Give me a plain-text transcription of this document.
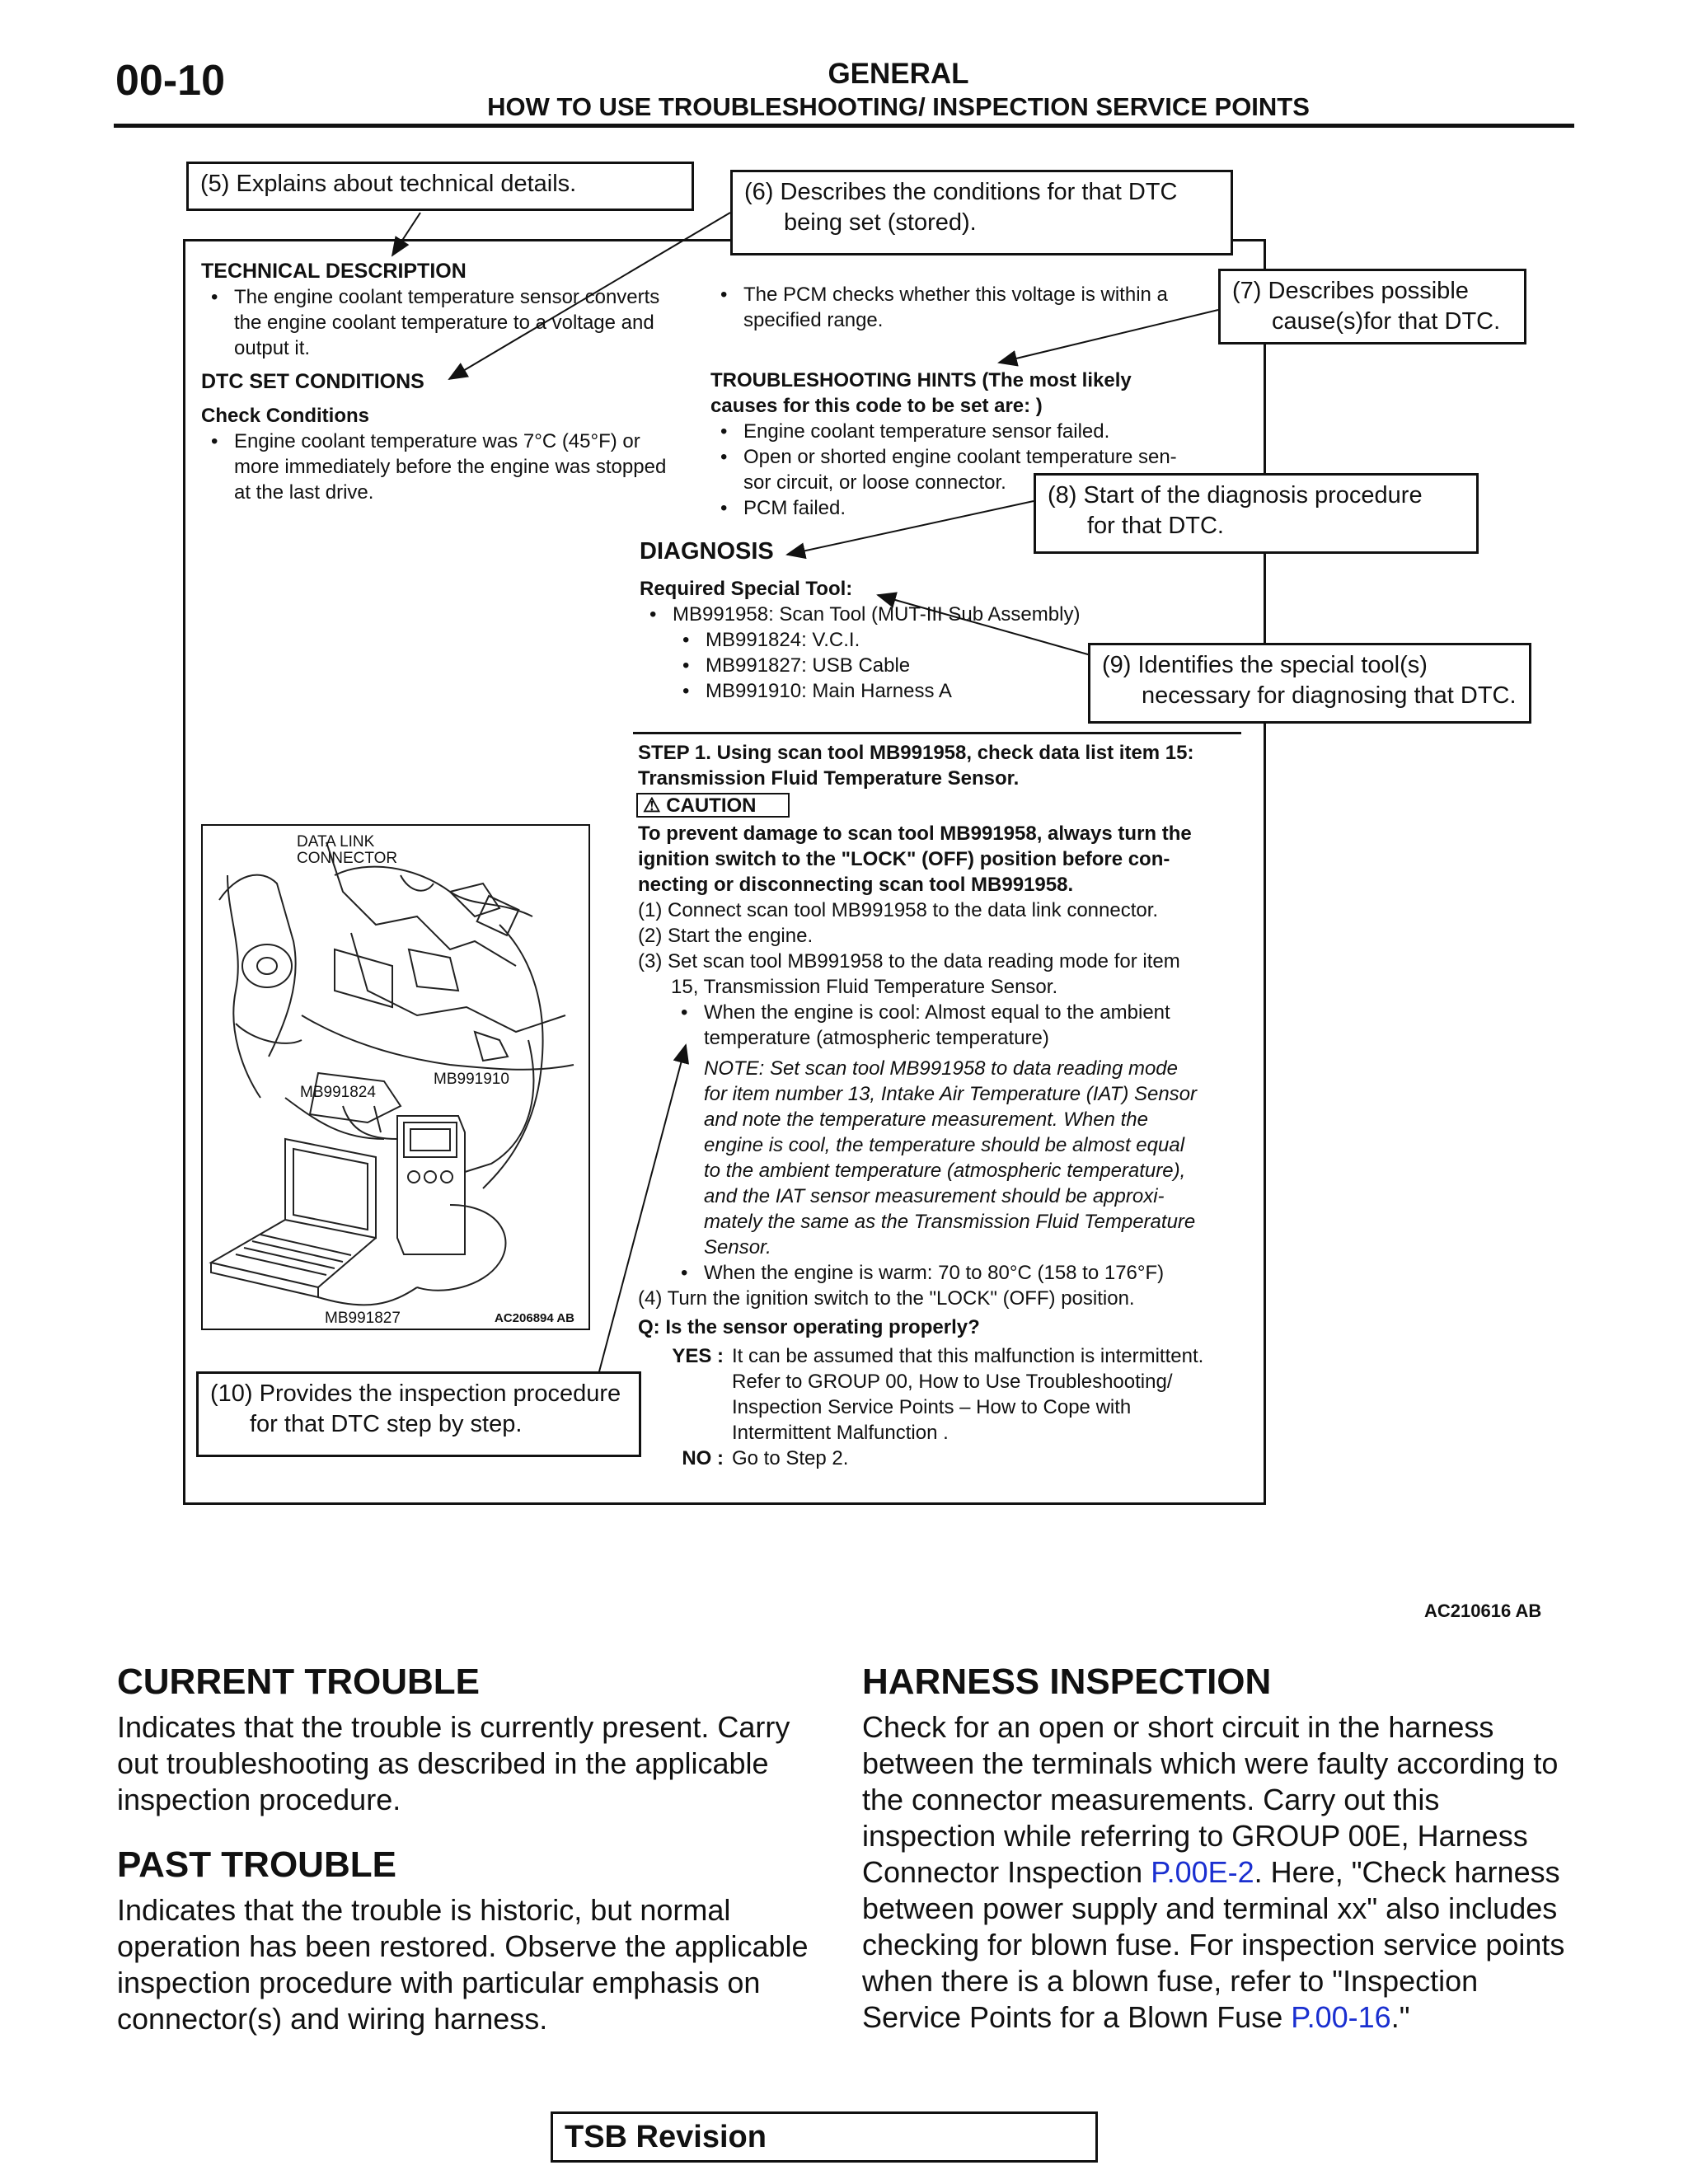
00-10	GENERAL
HOW TO USE TROUBLESHOOTING/ INSPECTION SERVICE POINTS
(5) Explains about technical details.	(6) Describes the conditions for that DTC
being set (stored).
(7) Describes possible
cause(s)for that DTC.
(8) Start of the diagnosis procedure
for that DTC.
(9) Identifies the special tool(s)
necessary for diagnosing that DTC.
(10) Provides the inspection procedure
for that DTC step by step.
TECHNICAL DESCRIPTION
• The engine coolant temperature sensor converts
the engine coolant temperature to a voltage and
output it.
DTC SET CONDITIONS
Check Conditions
• Engine coolant temperature was 7°C (45°F) or
more immediately before the engine was stopped
at the last drive.
• The PCM checks whether this voltage is within a
specified range.
TROUBLESHOOTING HINTS (The most likely
causes for this code to be set are: )
• Engine coolant temperature sensor failed.
• Open or shorted engine coolant temperature sen-
sor circuit, or loose connector.
• PCM failed.
DIAGNOSIS
Required Special Tool:
• MB991958: Scan Tool (MUT-III Sub Assembly)
• MB991824: V.C.I.
• MB991827: USB Cable
• MB991910: Main Harness A
STEP 1. Using scan tool MB991958, check data list item 15:
Transmission Fluid Temperature Sensor.
⚠ CAUTION
To prevent damage to scan tool MB991958, always turn the
ignition switch to the "LOCK" (OFF) position before con-
necting or disconnecting scan tool MB991958.
(1) Connect scan tool MB991958 to the data link connector.
(2) Start the engine.
(3) Set scan tool MB991958 to the data reading mode for item
15, Transmission Fluid Temperature Sensor.
• When the engine is cool: Almost equal to the ambient
temperature (atmospheric temperature)
NOTE: Set scan tool MB991958 to data reading mode
for item number 13, Intake Air Temperature (IAT) Sensor
and note the temperature measurement. When the
engine is cool, the temperature should be almost equal
to the ambient temperature (atmospheric temperature),
and the IAT sensor measurement should be approxi-
mately the same as the Transmission Fluid Temperature
Sensor.
• When the engine is warm: 70 to 80°C (158 to 176°F)
(4) Turn the ignition switch to the "LOCK" (OFF) position.
Q: Is the sensor operating properly?
YES : It can be assumed that this malfunction is intermittent.
Refer to GROUP 00, How to Use Troubleshooting/
Inspection Service Points – How to Cope with
Intermittent Malfunction .
NO : Go to Step 2.
DATA LINK
CONNECTOR
MB991824
MB991910
MB991827	AC206894 AB
AC210616 AB
CURRENT TROUBLE
Indicates that the trouble is currently present. Carry out troubleshooting as described in the applicable inspection procedure.
PAST TROUBLE
Indicates that the trouble is historic, but normal operation has been restored. Observe the applicable inspection procedure with particular emphasis on connector(s) and wiring harness.
HARNESS INSPECTION
Check for an open or short circuit in the harness between the terminals which were faulty according to the connector measurements. Carry out this inspection while referring to GROUP 00E, Harness Connector Inspection P.00E-2. Here, "Check harness between power supply and terminal xx" also includes checking for blown fuse. For inspection service points when there is a blown fuse, refer to "Inspection Service Points for a Blown Fuse P.00-16."
TSB Revision
